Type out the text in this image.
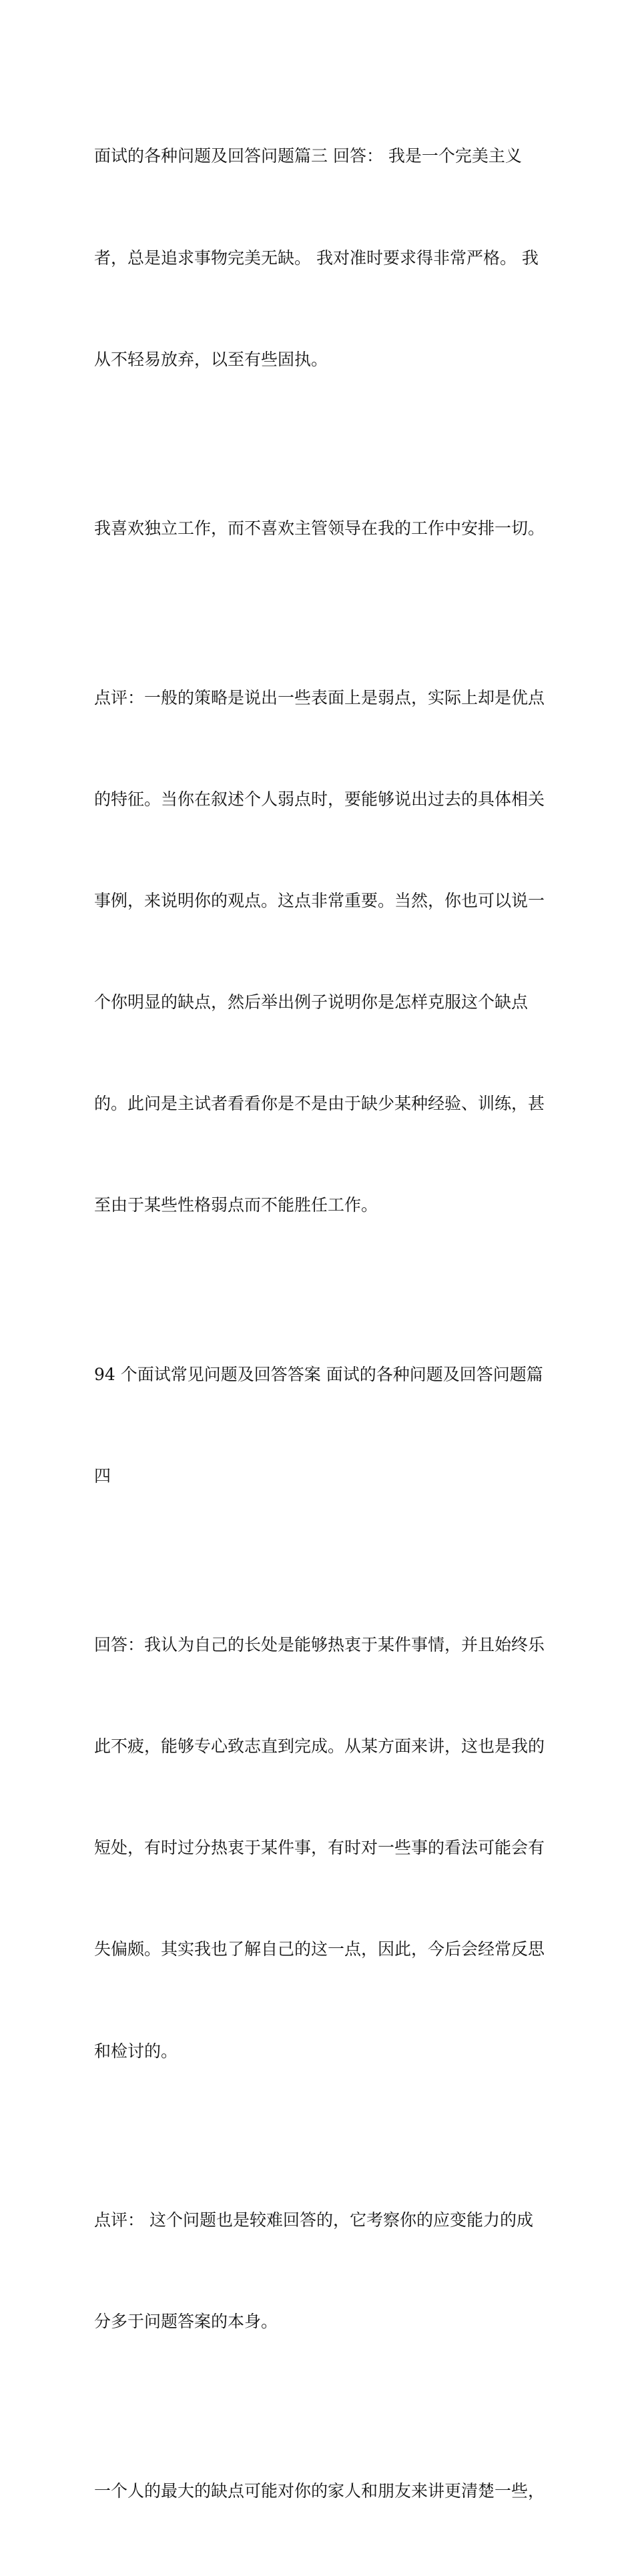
面试的各种问题及回答问题篇三 回答： 我是一个完美主义

者，总是追求事物完美无缺。 我对准时要求得非常严格。 我

从不轻易放弃，以至有些固执。

我喜欢独立工作，而不喜欢主管领导在我的工作中安排一切。

点评：一般的策略是说出一些表面上是弱点，实际上却是优点

的特征。当你在叙述个人弱点时，要能够说出过去的具体相关

事例，来说明你的观点。这点非常重要。当然，你也可以说一

个你明显的缺点，然后举出例子说明你是怎样克服这个缺点

的。此问是主试者看看你是不是由于缺少某种经验、训练，甚

至由于某些性格弱点而不能胜任工作。

94 个面试常见问题及回答答案 面试的各种问题及回答问题篇

四

回答：我认为自己的长处是能够热衷于某件事情，并且始终乐

此不疲，能够专心致志直到完成。从某方面来讲，这也是我的

短处，有时过分热衷于某件事，有时对一些事的看法可能会有

失偏颇。其实我也了解自己的这一点，因此，今后会经常反思

和检讨的。

点评： 这个问题也是较难回答的，它考察你的应变能力的成

分多于问题答案的本身。

一个人的最大的缺点可能对你的家人和朋友来讲更清楚一些，
